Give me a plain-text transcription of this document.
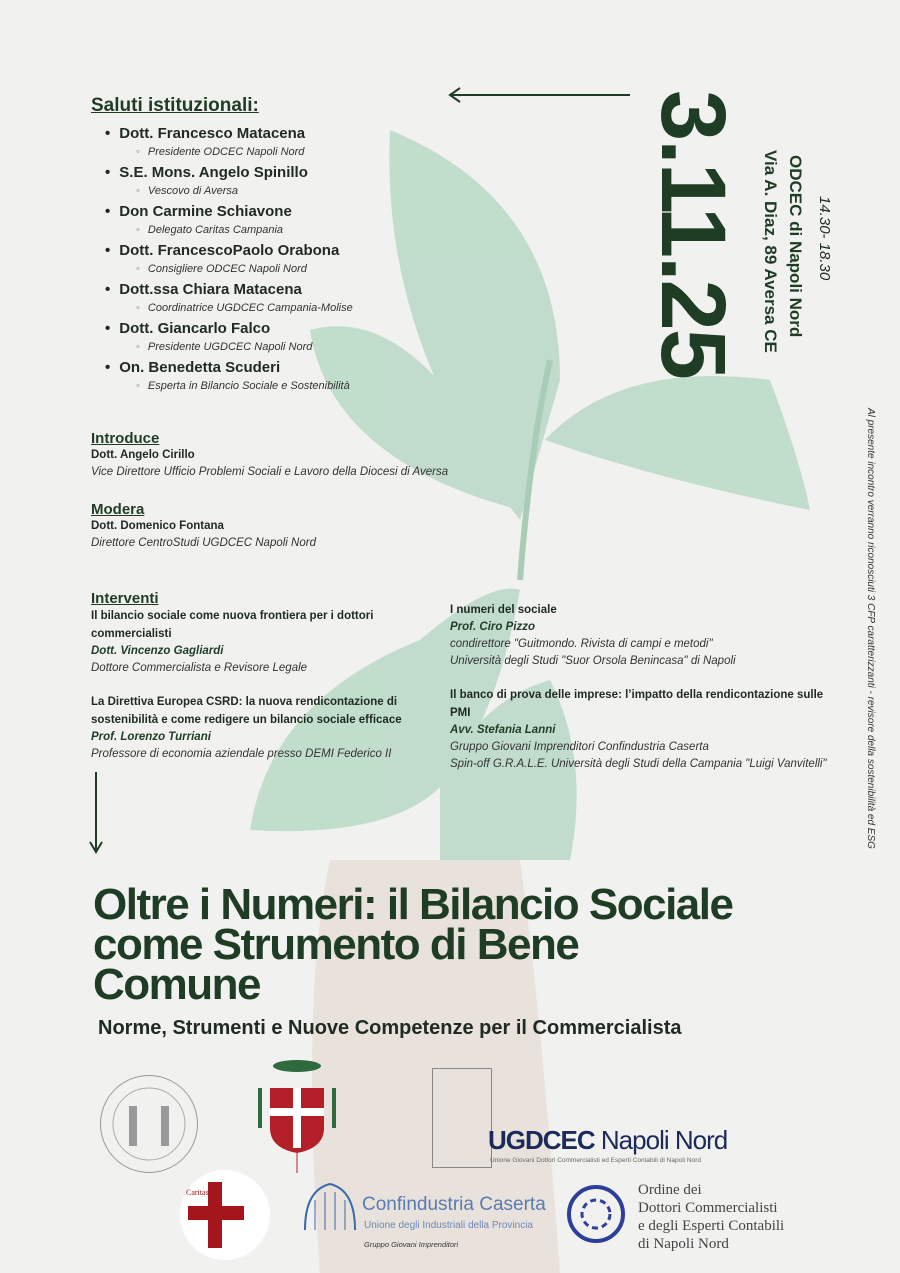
Saluti istituzionali:
• Dott. Francesco Matacena
◦ Presidente ODCEC Napoli Nord
• S.E. Mons. Angelo Spinillo
◦ Vescovo di Aversa
• Don Carmine Schiavone
◦ Delegato Caritas Campania
• Dott. FrancescoPaolo Orabona
◦ Consigliere ODCEC Napoli Nord
• Dott.ssa Chiara Matacena
◦ Coordinatrice UGDCEC Campania-Molise
• Dott. Giancarlo Falco
◦ Presidente UGDCEC Napoli Nord
• On. Benedetta Scuderi
◦ Esperta in Bilancio Sociale e Sostenibilità
Introduce
Dott. Angelo Cirillo
Vice Direttore Ufficio Problemi Sociali e Lavoro della Diocesi di Aversa
Modera
Dott. Domenico Fontana
Direttore CentroStudi UGDCEC Napoli Nord
Interventi
Il bilancio sociale come nuova frontiera per i dottori commercialisti
Dott. Vincenzo Gagliardi
Dottore Commercialista e Revisore Legale
La Direttiva Europea CSRD: la nuova rendicontazione di sostenibilità e come redigere un bilancio sociale efficace
Prof. Lorenzo Turriani
Professore di economia aziendale presso DEMI Federico II
I numeri del sociale
Prof. Ciro Pizzo
condirettore "Guitmondo. Rivista di campi e metodi"
Università degli Studi "Suor Orsola Benincasa" di Napoli
Il banco di prova delle imprese: l’impatto della rendicontazione sulle PMI
Avv. Stefania Lanni
Gruppo Giovani Imprenditori Confindustria Caserta
Spin-off G.R.A.L.E. Università degli Studi della Campania "Luigi Vanvitelli"
3.11.25 Via A. Diaz, 89 Aversa CE ODCEC di Napoli Nord 14.30- 18.30
Al presente incontro verranno riconosciuti 3 CFP caratterizzanti - revisore della sostenibilità ed ESG
Oltre i Numeri: il Bilancio Sociale
come Strumento di Bene
Comune
Norme, Strumenti e Nuove Competenze per il Commercialista
Caritas
UGDCEC Napoli Nord
Unione Giovani Dottori Commercialisti ed Esperti Contabili di Napoli Nord
Confindustria Caserta
Unione degli Industriali della Provincia
Gruppo Giovani Imprenditori
Ordine dei
Dottori Commercialisti
e degli Esperti Contabili
di Napoli Nord
